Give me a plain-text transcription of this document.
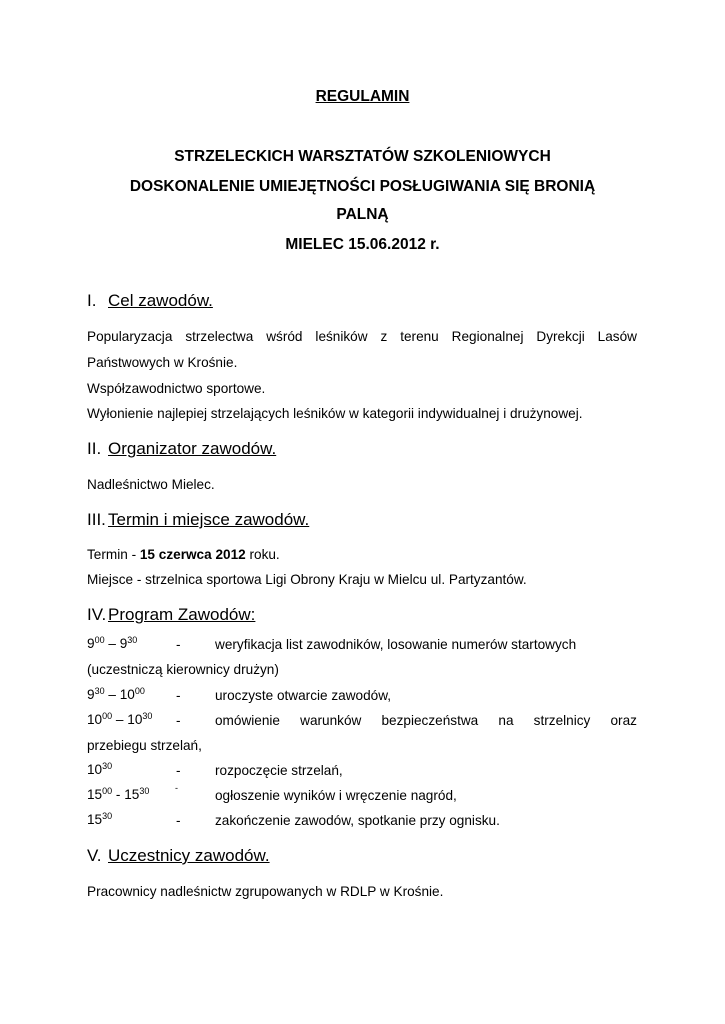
REGULAMIN
STRZELECKICH WARSZTATÓW SZKOLENIOWYCH
DOSKONALENIE UMIEJĘTNOŚCI POSŁUGIWANIA SIĘ BRONIĄ
PALNĄ
MIELEC 15.06.2012 r.
I. Cel zawodów.
Popularyzacja strzelectwa wśród leśników z terenu Regionalnej Dyrekcji Lasów
Państwowych w Krośnie.
Współzawodnictwo sportowe.
Wyłonienie najlepiej strzelających leśników w kategorii indywidualnej i drużynowej.
II. Organizator zawodów.
Nadleśnictwo Mielec.
III. Termin i miejsce zawodów.
Termin - 15 czerwca 2012 roku.
Miejsce - strzelnica sportowa Ligi Obrony Kraju w Mielcu ul. Partyzantów.
IV. Program Zawodów:
$9^{00} - 9^{30}$	-	weryfikacja list zawodników, losowanie numerów startowych
(uczestniczą kierownicy drużyn)
$9^{30} - 10^{00}$ -	uroczyste otwarcie zawodów,
$10^{00} - 10^{30}$ -	omówienie warunków bezpieczeństwa na strzelnicy oraz
przebiegu strzelań,
$10^{30}$	-	rozpoczęcie strzelań,
$15^{00} - 15^{30}$	-	ogłoszenie wyników i wręczenie nagród,
$15^{30}$	-	zakończenie zawodów, spotkanie przy ognisku.
V. Uczestnicy zawodów.
Pracownicy nadleśnictw zgrupowanych w RDLP w Krośnie.
